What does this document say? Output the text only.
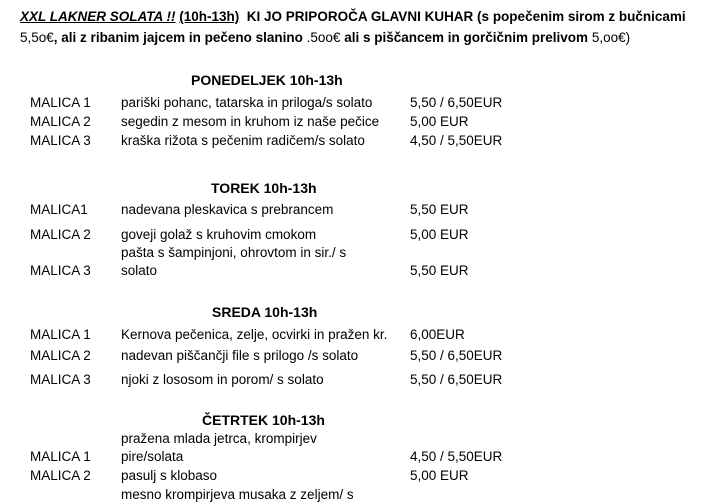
XXL LAKNER SOLATA !! (10h-13h) KI JO PRIPOROČA GLAVNI KUHAR (s popečenim sirom z bučnicami
5,5o€, ali z ribanim jajcem in pečeno slanino .5oo€ ali s piščancem in gorčičnim prelivom 5,oo€)
PONEDELJEK 10h-13h
MALICA 1 pariški pohanc, tatarska in priloga/s solato	5,50 / 6,50EUR
MALICA 2 segedin z mesom in kruhom iz naše pečice 5,00 EUR
MALICA 3 kraška rižota s pečenim radičem/s solato	4,50 / 5,50EUR
TOREK 10h-13h
MALICA1 nadevana pleskavica s prebrancem	5,50 EUR
MALICA 2 goveji golaž s kruhovim cmokom	5,00 EUR
pašta s šampinjoni, ohrovtom in sir./ s
MALICA 3 solato	5,50 EUR
SREDA 10h-13h
MALICA 1 Kernova pečenica, zelje, ocvirki in pražen kr. 6,00EUR
MALICA 2 nadevan piščančji file s prilogo /s solato	5,50 / 6,50EUR
MALICA 3 njoki z lososom in porom/ s solato	5,50 / 6,50EUR
ČETRTEK 10h-13h
pražena mlada jetrca, krompirjev
MALICA 1 pire/solata	4,50 / 5,50EUR
MALICA 2 pasulj s klobaso	5,00 EUR
mesno krompirjeva musaka z zeljem/ s
